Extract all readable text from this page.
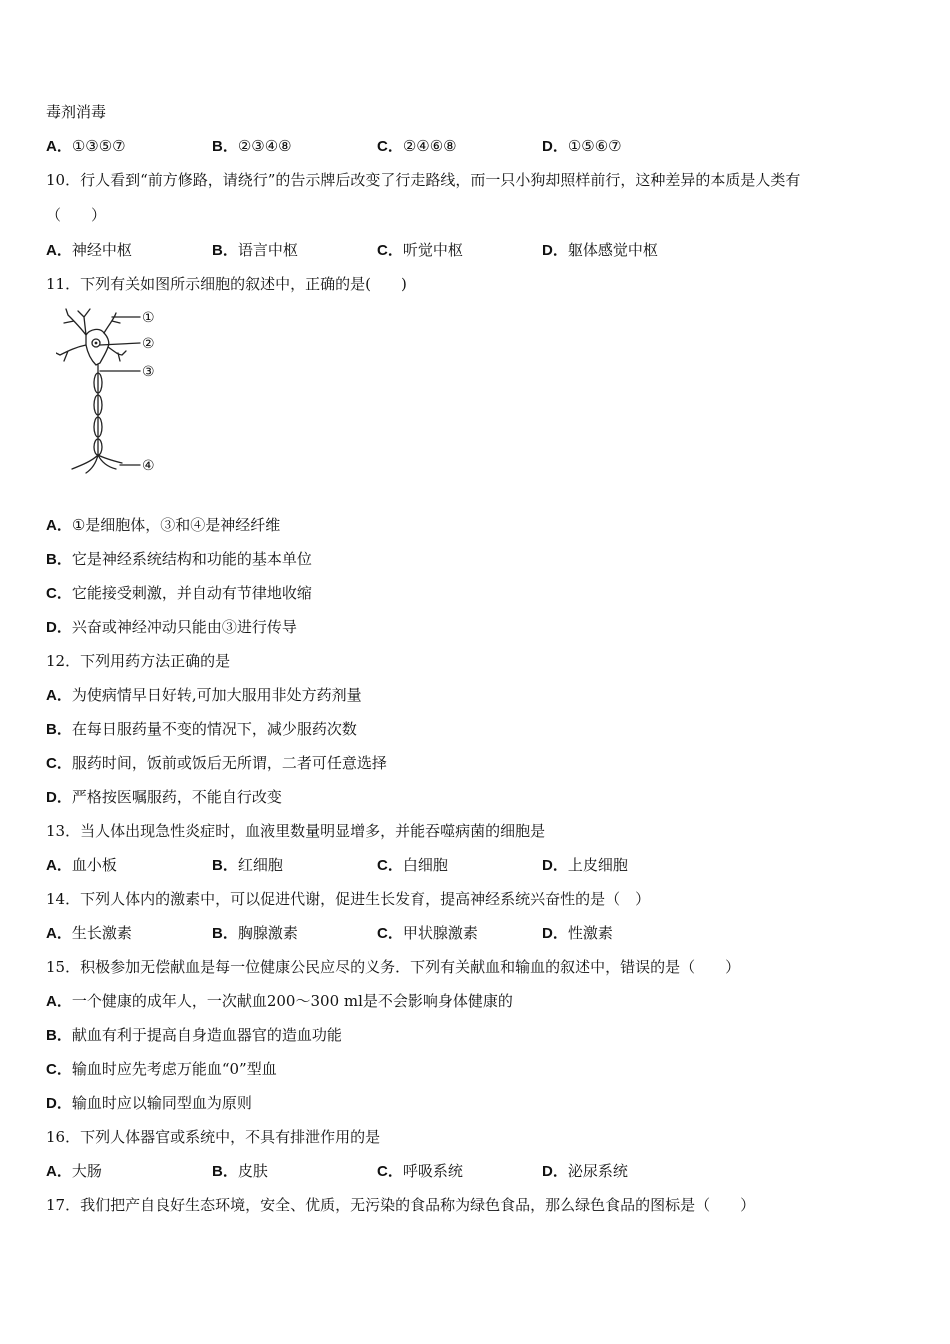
毒剂消毒
A．①③⑤⑦	B．②③④⑧	C．②④⑥⑧	D．①⑤⑥⑦
10．行人看到“前方修路，请绕行”的告示牌后改变了行走路线，而一只小狗却照样前行，这种差异的本质是人类有
（　　）
A．神经中枢	B．语言中枢	C．听觉中枢	D．躯体感觉中枢
11．下列有关如图所示细胞的叙述中，正确的是(　　)
①
②
③
④
A．①是细胞体，③和④是神经纤维
B．它是神经系统结构和功能的基本单位
C．它能接受刺激，并自动有节律地收缩
D．兴奋或神经冲动只能由③进行传导
12．下列用药方法正确的是
A．为使病情早日好转,可加大服用非处方药剂量
B．在每日服药量不变的情况下，减少服药次数
C．服药时间，饭前或饭后无所谓，二者可任意选择
D．严格按医嘱服药，不能自行改变
13．当人体出现急性炎症时，血液里数量明显增多，并能吞噬病菌的细胞是
A．血小板	B．红细胞	C．白细胞	D．上皮细胞
14．下列人体内的激素中，可以促进代谢，促进生长发育，提高神经系统兴奋性的是（　）
A．生长激素	B．胸腺激素	C．甲状腺激素	D．性激素
15．积极参加无偿献血是每一位健康公民应尽的义务．下列有关献血和输血的叙述中，错误的是（　　）
A．一个健康的成年人，一次献血200～300 ml是不会影响身体健康的
B．献血有利于提高自身造血器官的造血功能
C．输血时应先考虑万能血“0”型血
D．输血时应以输同型血为原则
16．下列人体器官或系统中，不具有排泄作用的是
A．大肠	B．皮肤	C．呼吸系统	D．泌尿系统
17．我们把产自良好生态环境，安全、优质，无污染的食品称为绿色食品，那么绿色食品的图标是（　　）
